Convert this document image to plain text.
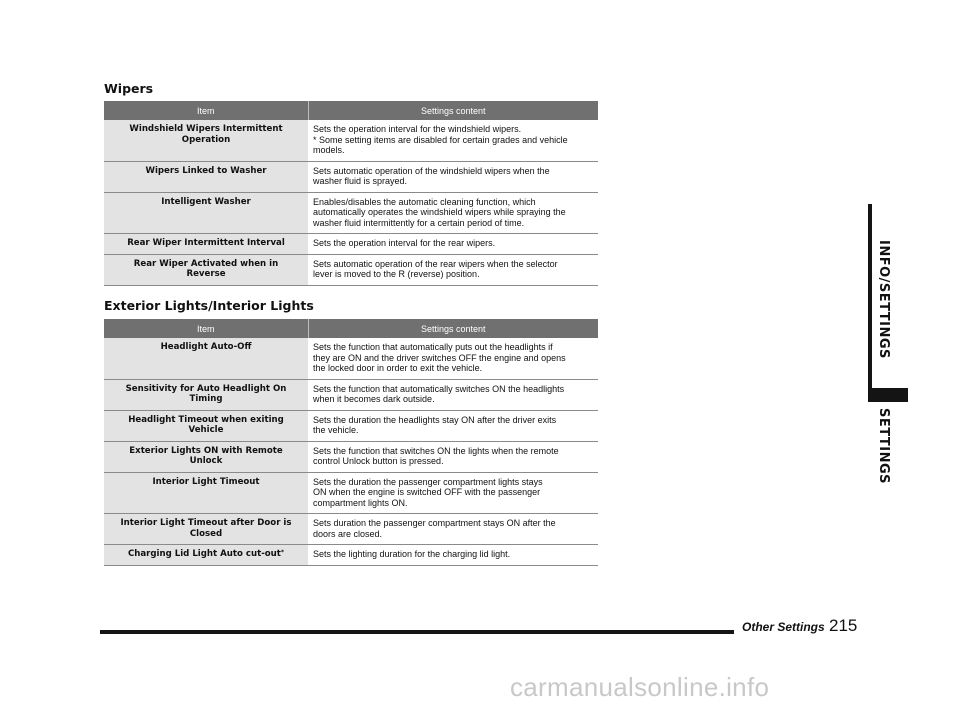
Wipers
Item	Settings content
Windshield Wipers Intermittent
Operation	Sets the operation interval for the windshield wipers.
* Some setting items are disabled for certain grades and vehicle
models.
Wipers Linked to Washer	Sets automatic operation of the windshield wipers when the
washer fluid is sprayed.
Intelligent Washer	Enables/disables the automatic cleaning function, which
automatically operates the windshield wipers while spraying the
washer fluid intermittently for a certain period of time.
Rear Wiper Intermittent Interval	Sets the operation interval for the rear wipers.
Rear Wiper Activated when in
Reverse	Sets automatic operation of the rear wipers when the selector
lever is moved to the R (reverse) position.
Exterior Lights/Interior Lights
Item	Settings content
Headlight Auto-Off	Sets the function that automatically puts out the headlights if
they are ON and the driver switches OFF the engine and opens
the locked door in order to exit the vehicle.
Sensitivity for Auto Headlight On
Timing	Sets the function that automatically switches ON the headlights
when it becomes dark outside.
Headlight Timeout when exiting
Vehicle	Sets the duration the headlights stay ON after the driver exits
the vehicle.
Exterior Lights ON with Remote
Unlock	Sets the function that switches ON the lights when the remote
control Unlock button is pressed.
Interior Light Timeout	Sets the duration the passenger compartment lights stays
ON when the engine is switched OFF with the passenger
compartment lights ON.
Interior Light Timeout after Door is
Closed	Sets duration the passenger compartment stays ON after the
doors are closed.
Charging Lid Light Auto cut-out*	Sets the lighting duration for the charging lid light.
INFO/SETTINGS
SETTINGS
Other Settings 215
carmanualsonline.info
